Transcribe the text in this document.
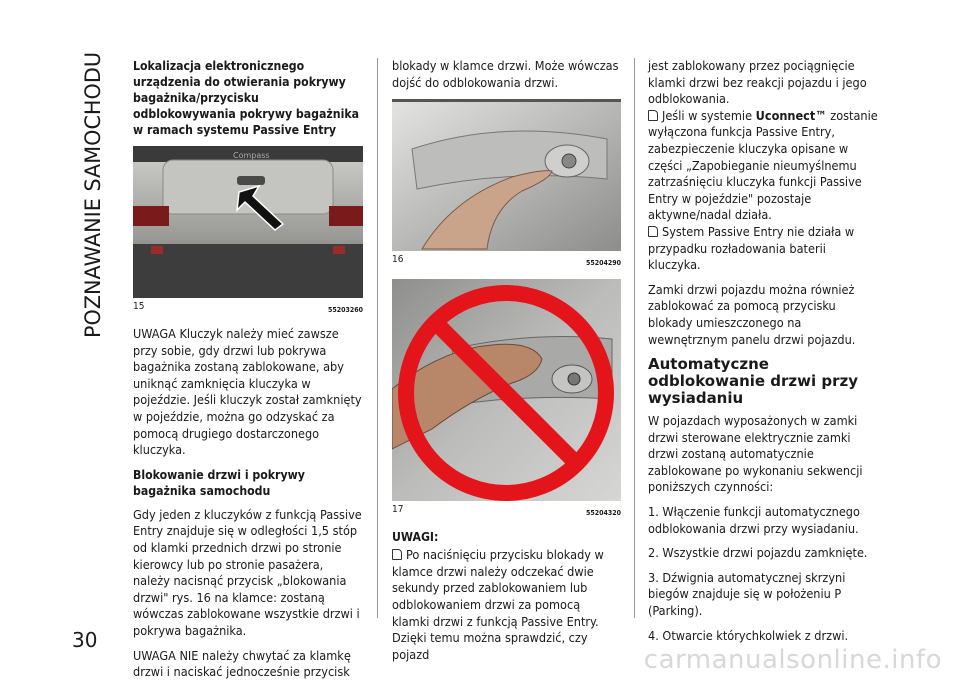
POZNAWANIE SAMOCHODU
30
Lokalizacja elektronicznego urządzenia do otwierania pokrywy bagażnika/przycisku odblokowywania pokrywy bagażnika w ramach systemu Passive Entry
Compass
15	55203260

UWAGA Kluczyk należy mieć zawsze przy sobie, gdy drzwi lub pokrywa bagażnika zostaną zablokowane, aby uniknąć zamknięcia kluczyka w pojeździe. Jeśli kluczyk został zamknięty w pojeździe, można go odzyskać za pomocą drugiego dostarczonego kluczyka.

Blokowanie drzwi i pokrywy bagażnika samochodu

Gdy jeden z kluczyków z funkcją Passive Entry znajduje się w odległości 1,5 stóp od klamki przednich drzwi po stronie kierowcy lub po stronie pasażera, należy nacisnąć przycisk „blokowania drzwi" rys. 16 na klamce: zostaną wówczas zablokowane wszystkie drzwi i pokrywa bagażnika.

UWAGA NIE należy chwytać za klamkę drzwi i naciskać jednocześnie przycisk

blokady w klamce drzwi. Może wówczas dojść do odblokowania drzwi.

16	55204290
17	55204320
UWAGI:

Po naciśnięciu przycisku blokady w klamce drzwi należy odczekać dwie sekundy przed zablokowaniem lub odblokowaniem drzwi za pomocą klamki drzwi z funkcją Passive Entry. Dzięki temu można sprawdzić, czy pojazd

jest zablokowany przez pociągnięcie klamki drzwi bez reakcji pojazdu i jego odblokowania.

Jeśli w systemie Uconnect™ zostanie wyłączona funkcja Passive Entry, zabezpieczenie kluczyka opisane w części „Zapobieganie nieumyślnemu zatrzaśnięciu kluczyka funkcji Passive Entry w pojeździe" pozostaje aktywne/nadal działa.

System Passive Entry nie działa w przypadku rozładowania baterii kluczyka.

Zamki drzwi pojazdu można również zablokować za pomocą przycisku blokady umieszczonego na wewnętrznym panelu drzwi pojazdu.

Automatyczne odblokowanie drzwi przy wysiadaniu

W pojazdach wyposażonych w zamki drzwi sterowane elektrycznie zamki drzwi zostaną automatycznie zablokowane po wykonaniu sekwencji poniższych czynności:

1. Włączenie funkcji automatycznego odblokowania drzwi przy wysiadaniu.

2. Wszystkie drzwi pojazdu zamknięte.

3. Dźwignia automatycznej skrzyni biegów znajduje się w położeniu P (Parking).

4. Otwarcie którychkolwiek z drzwi.

carmanualsonline.info
